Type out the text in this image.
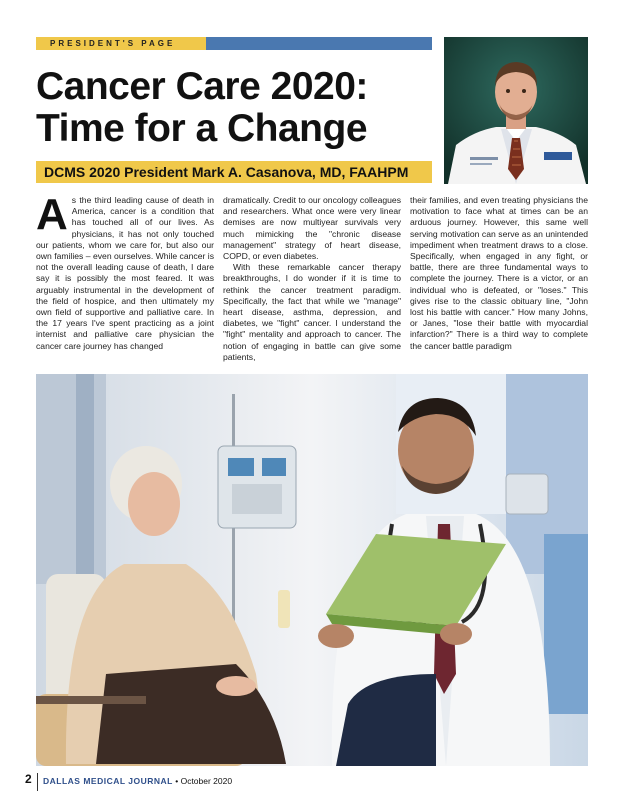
PRESIDENT'S PAGE
Cancer Care 2020:
Time for a Change
DCMS 2020 President Mark A. Casanova, MD, FAAHPM

As the third leading cause of death in America, cancer is a condition that has touched all of our lives. As physicians, it has not only touched our patients, whom we care for, but also our own families – even ourselves. While cancer is not the overall leading cause of death, I dare say it is possibly the most feared. It was arguably instrumental in the development of the field of hospice, and then ultimately my own field of supportive and palliative care. In the 17 years I've spent practicing as a joint internist and palliative care physician the cancer care journey has changed

dramatically. Credit to our oncology colleagues and researchers. What once were very linear demises are now multiyear survivals very much mimicking the "chronic disease management" strategy of heart disease, COPD, or even diabetes.

With these remarkable cancer therapy breakthroughs, I do wonder if it is time to rethink the cancer treatment paradigm. Specifically, the fact that while we "manage" heart disease, asthma, depression, and diabetes, we "fight" cancer. I understand the "fight" mentality and approach to cancer. The notion of engaging in battle can give some patients,

their families, and even treating physicians the motivation to face what at times can be an arduous journey. However, this same well serving motivation can serve as an unintended impediment when treatment draws to a close. Specifically, when engaged in any fight, or battle, there are three fundamental ways to complete the journey. There is a victor, or an individual who is defeated, or "loses." This gives rise to the classic obituary line, "John lost his battle with cancer." How many Johns, or Janes, "lose their battle with myocardial infarction?" There is a third way to complete the cancer battle paradigm

2 DALLAS MEDICAL JOURNAL • October 2020
